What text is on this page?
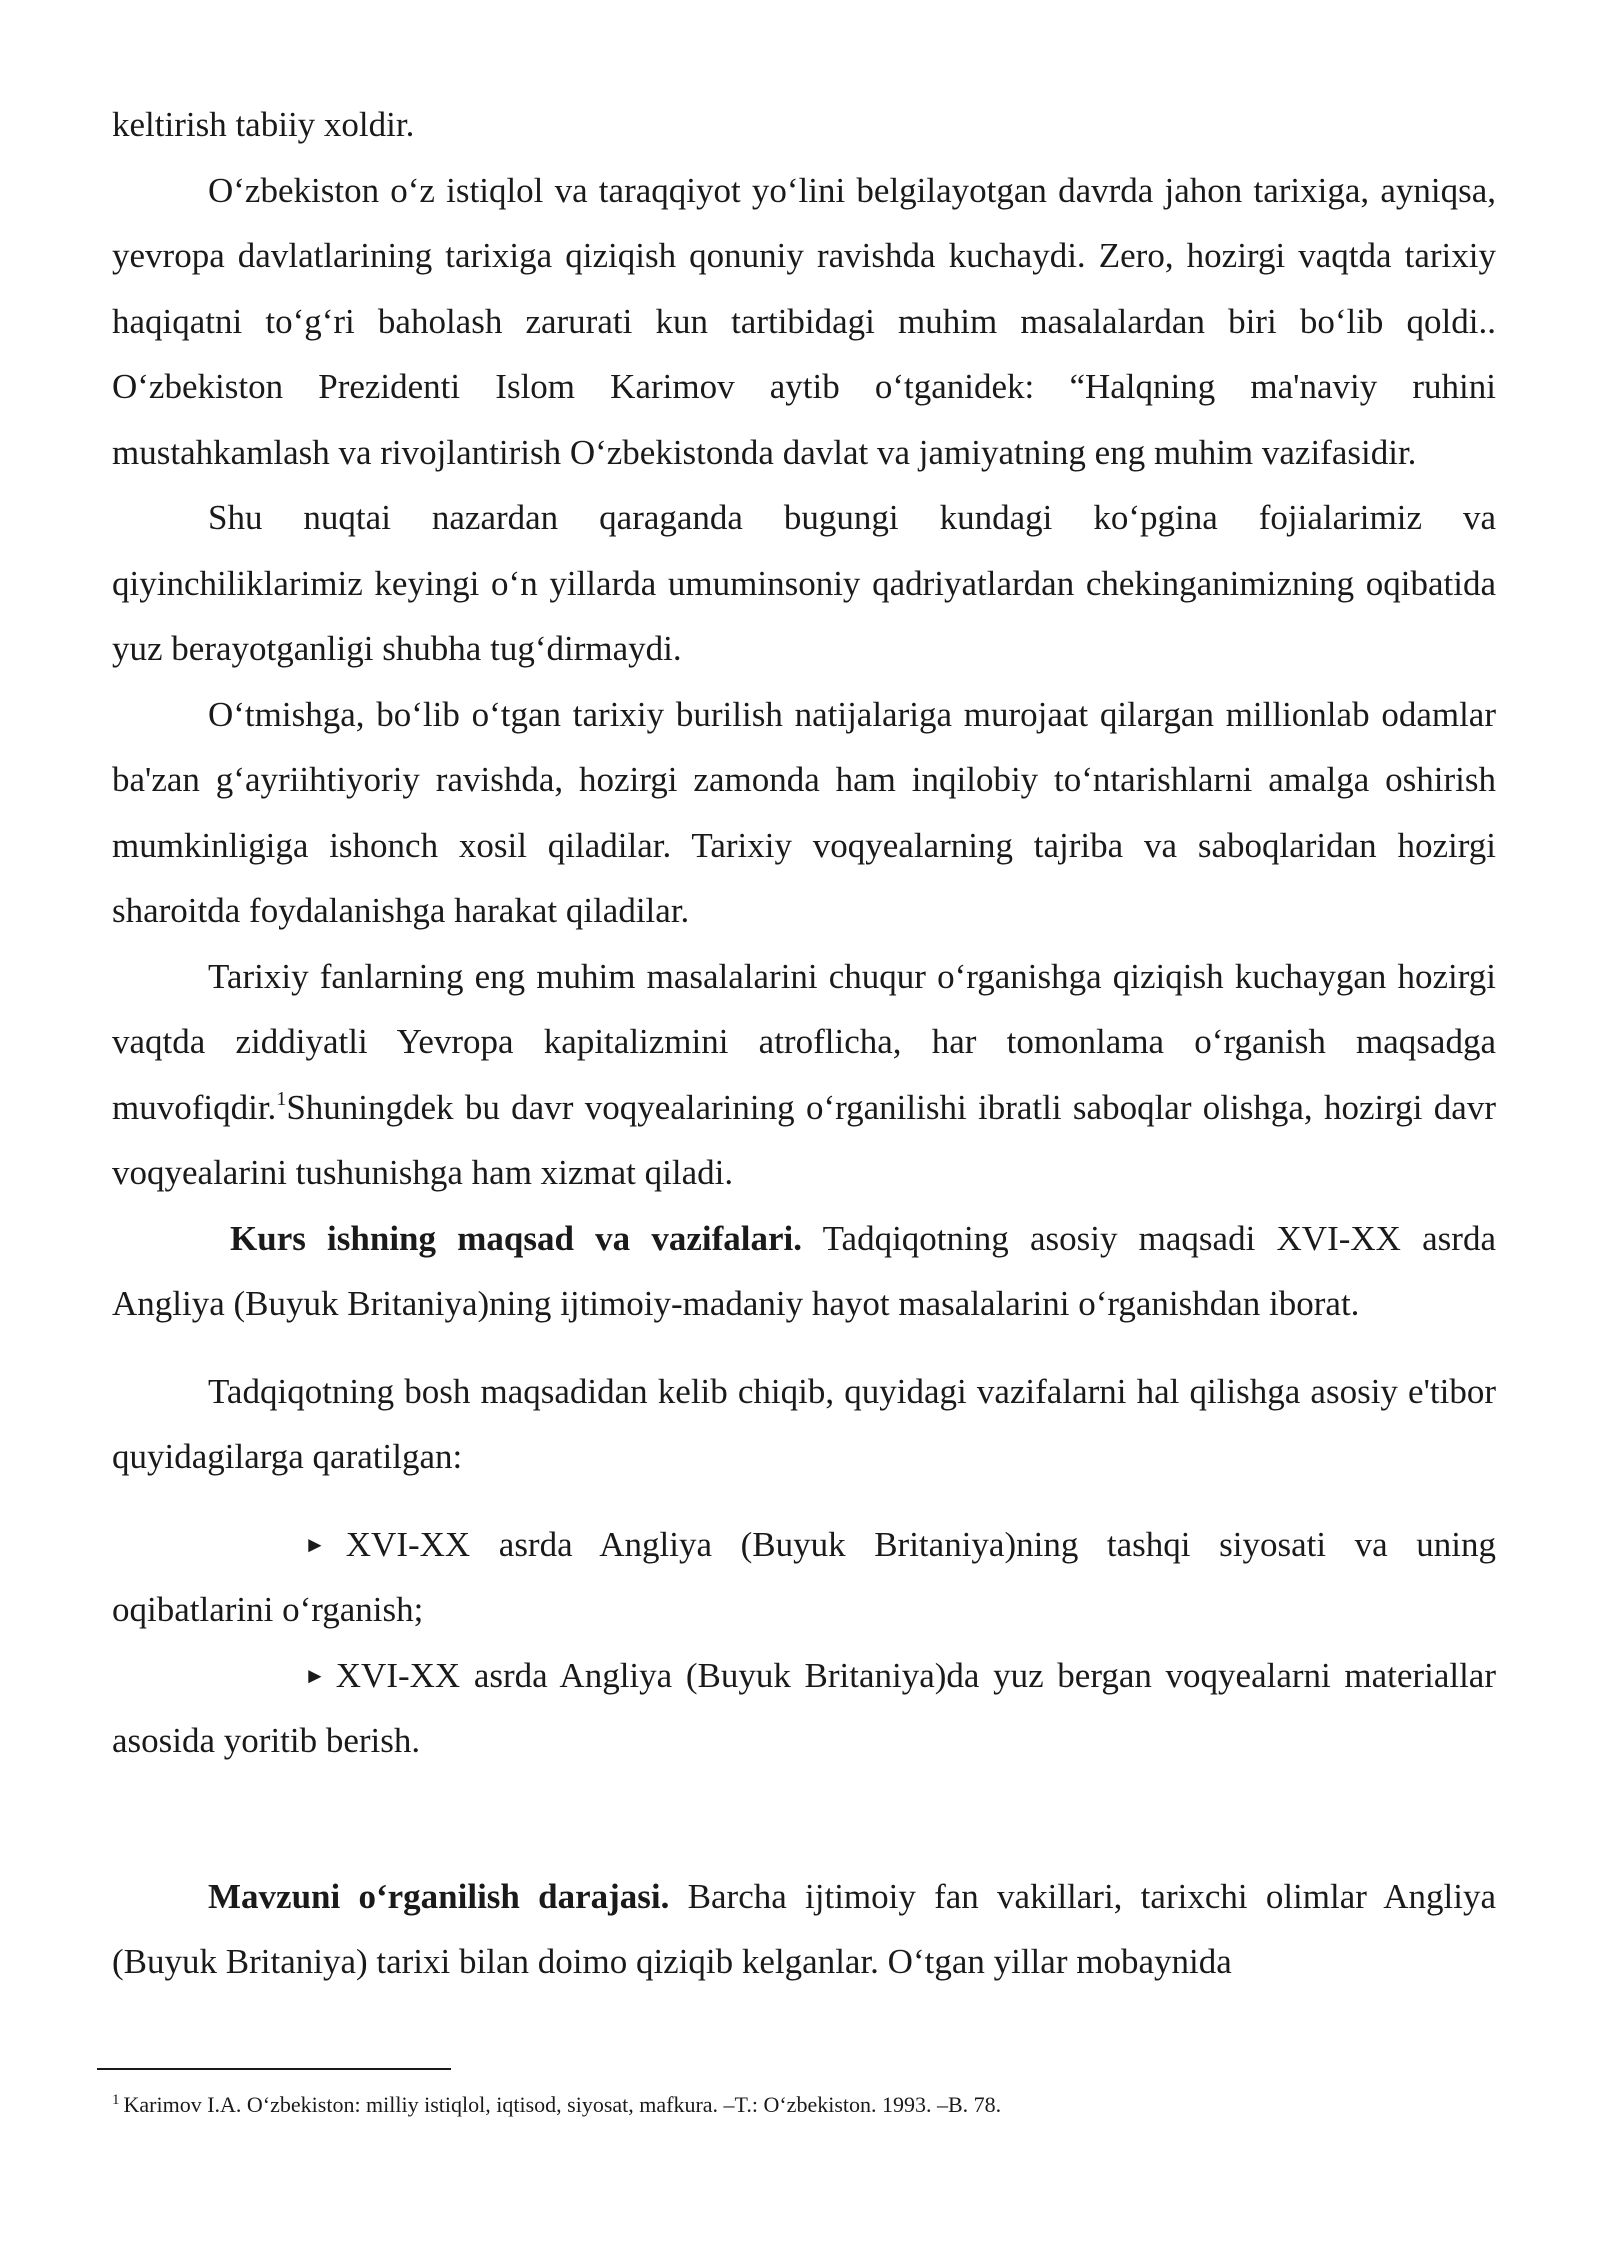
keltirish tabiiy xoldir.

O‘zbekiston o‘z istiqlol va taraqqiyot yo‘lini belgilayotgan davrda jahon tarixiga, ayniqsa, yevropa davlatlarining tarixiga qiziqish qonuniy ravishda kuchaydi. Zero, hozirgi vaqtda tarixiy haqiqatni to‘g‘ri baholash zarurati kun tartibidagi muhim masalalardan biri bo‘lib qoldi.. O‘zbekiston Prezidenti Islom Karimov aytib o‘tganidek: “Halqning ma'naviy ruhini mustahkamlash va rivojlantirish O‘zbekistonda davlat va jamiyatning eng muhim vazifasidir.

Shu nuqtai nazardan qaraganda bugungi kundagi ko‘pgina fojialarimiz va qiyinchiliklarimiz keyingi o‘n yillarda umuminsoniy qadriyatlardan chekinganimizning oqibatida yuz berayotganligi shubha tug‘dirmaydi.

O‘tmishga, bo‘lib o‘tgan tarixiy burilish natijalariga murojaat qilargan millionlab odamlar ba'zan g‘ayriihtiyoriy ravishda, hozirgi zamonda ham inqilobiy to‘ntarishlarni amalga oshirish mumkinligiga ishonch xosil qiladilar. Tarixiy voqyealarning tajriba va saboqlaridan hozirgi sharoitda foydalanishga harakat qiladilar.

Tarixiy fanlarning eng muhim masalalarini chuqur o‘rganishga qiziqish kuchaygan hozirgi vaqtda ziddiyatli Yevropa kapitalizmini atroflicha, har tomonlama o‘rganish maqsadga muvofiqdir.$^1$Shuningdek bu davr voqyealarining o‘rganilishi ibratli saboqlar olishga, hozirgi davr voqyealarini tushunishga ham xizmat qiladi.

Kurs ishning maqsad va vazifalari. Tadqiqotning asosiy maqsadi XVI-XX asrda Angliya (Buyuk Britaniya)ning ijtimoiy-madaniy hayot masalalarini o‘rganishdan iborat.

Tadqiqotning bosh maqsadidan kelib chiqib, quyidagi vazifalarni hal qilishga asosiy e'tibor quyidagilarga qaratilgan:

► XVI-XX asrda Angliya (Buyuk Britaniya)ning tashqi siyosati va uning oqibatlarini o‘rganish;

► XVI-XX asrda Angliya (Buyuk Britaniya)da yuz bergan voqyealarni materiallar asosida yoritib berish.

Mavzuni o‘rganilish darajasi. Barcha ijtimoiy fan vakillari, tarixchi olimlar Angliya (Buyuk Britaniya) tarixi bilan doimo qiziqib kelganlar. O‘tgan yillar mobaynida

$^1$ Karimov I.A. O‘zbekiston: milliy istiqlol, iqtisod, siyosat, mafkura. –T.: O‘zbekiston. 1993. –B. 78.
